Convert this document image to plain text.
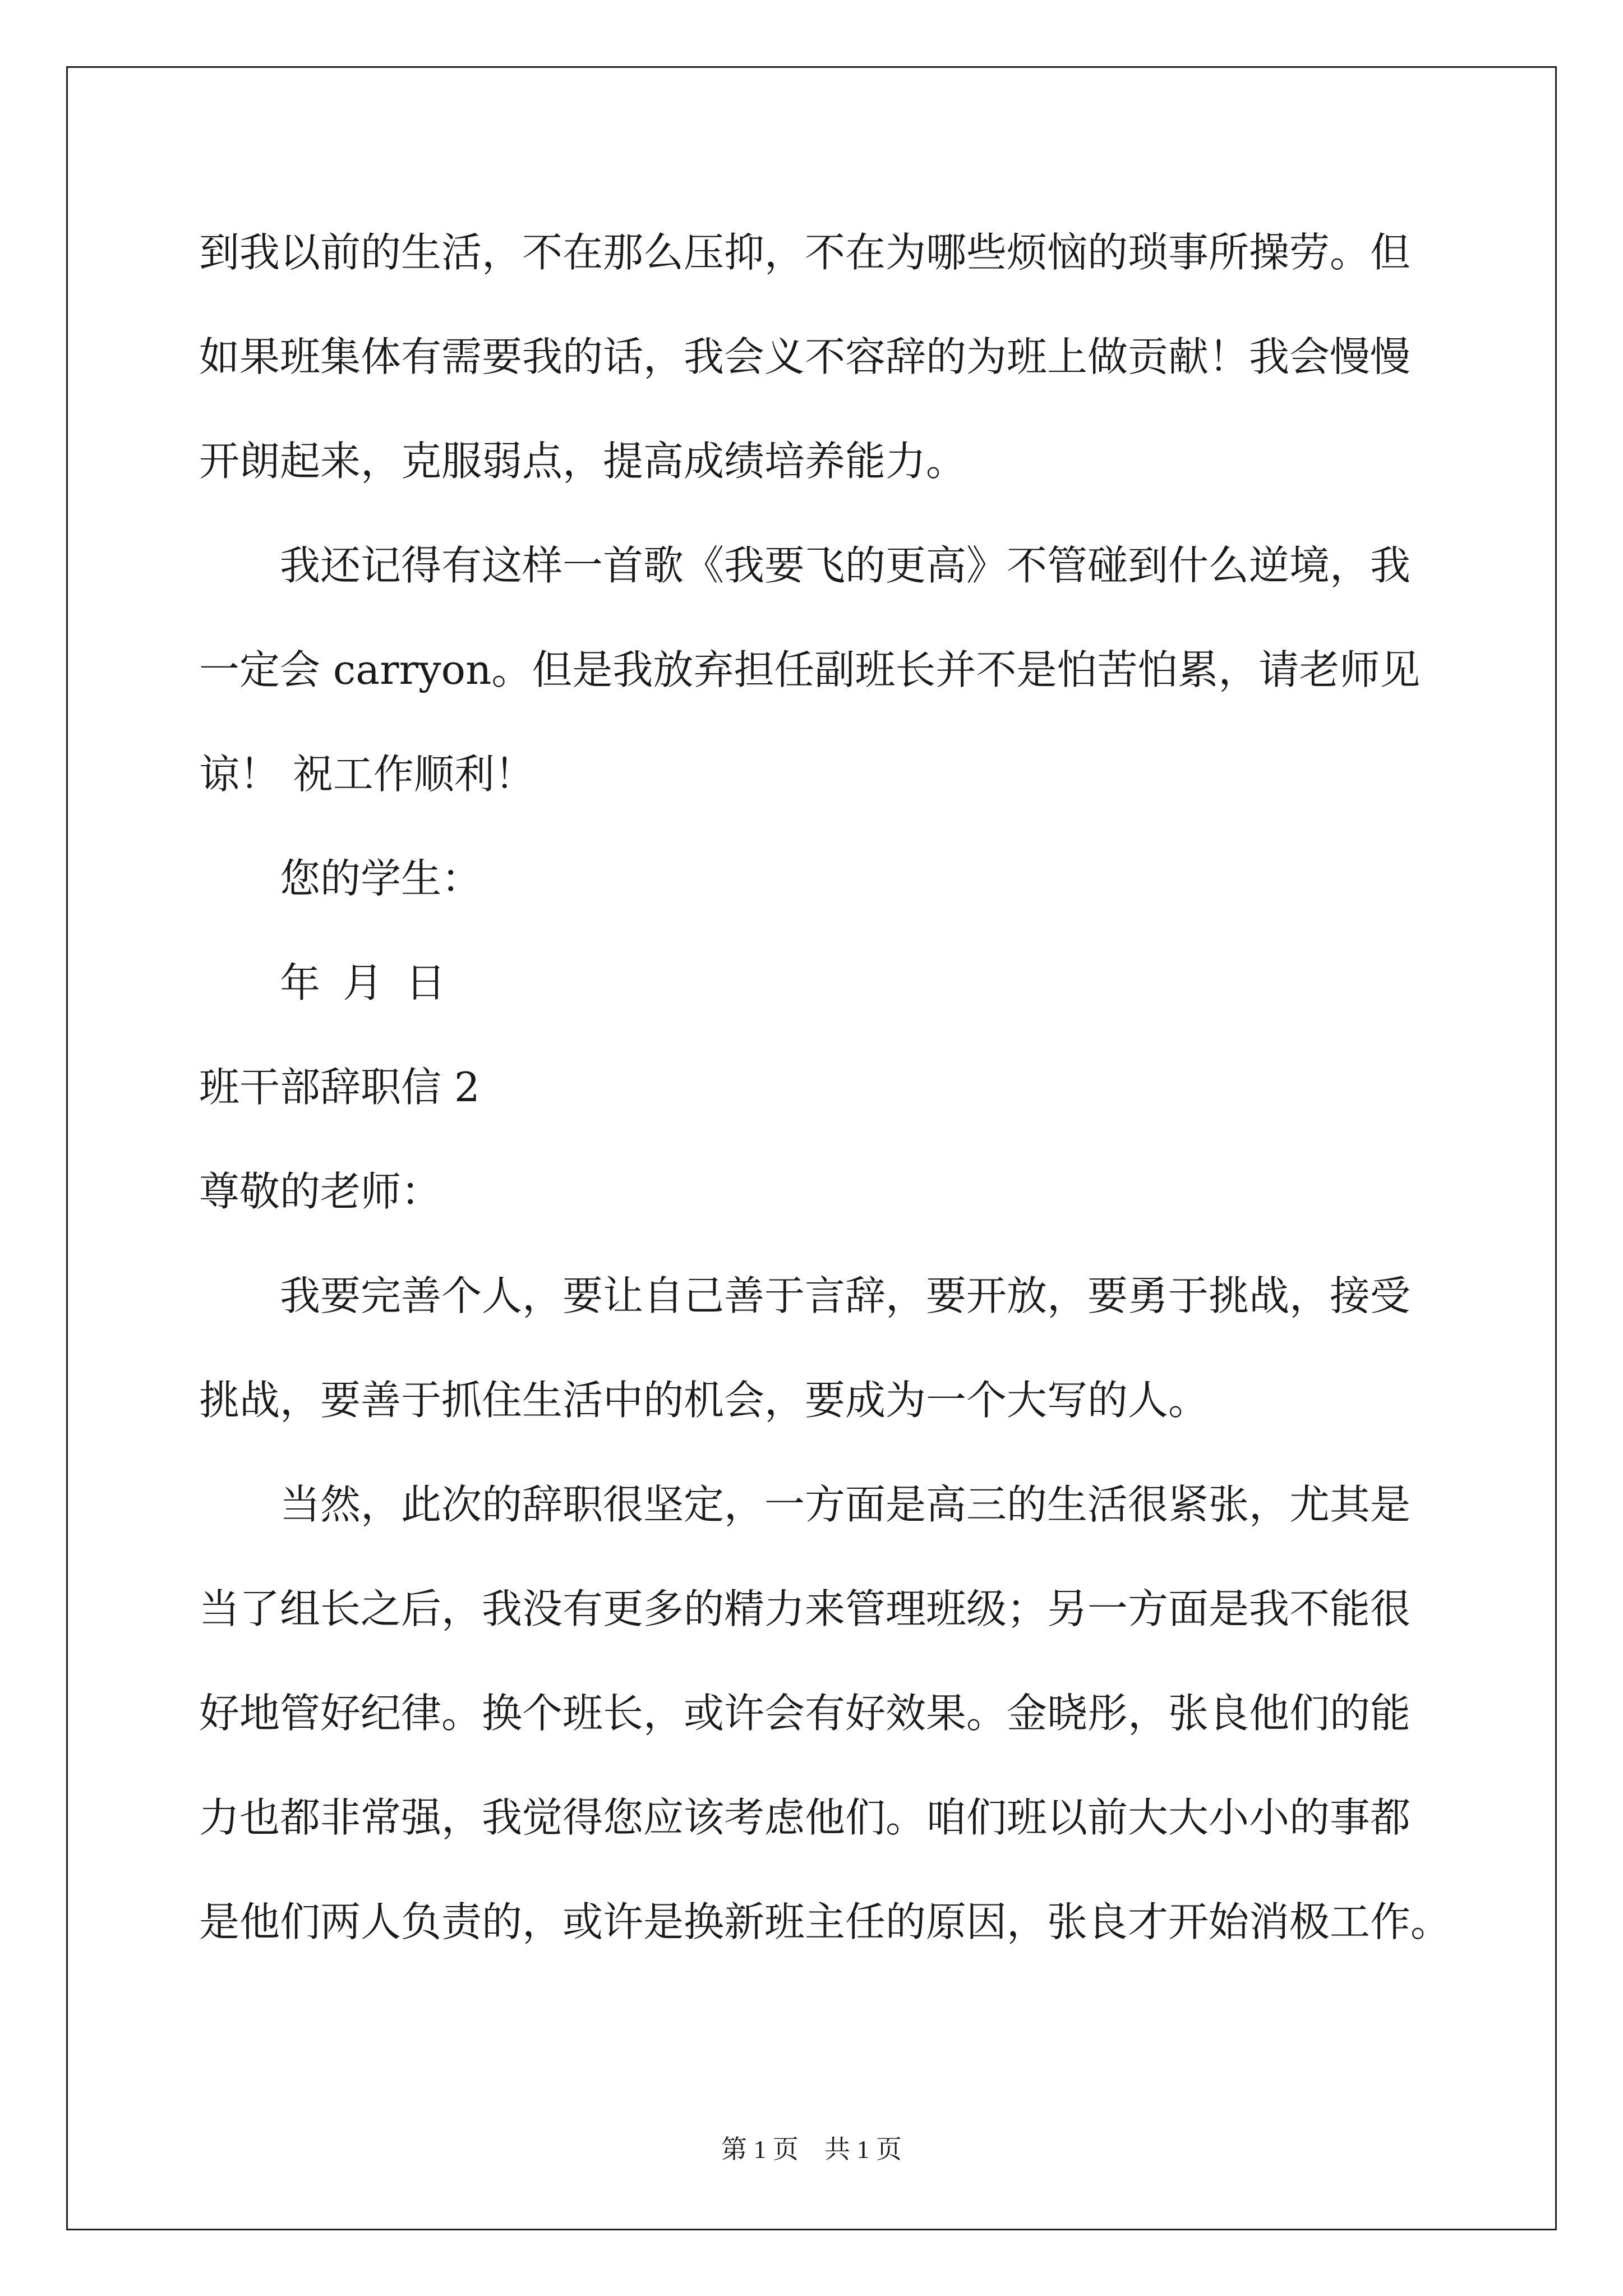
到我以前的生活，不在那么压抑，不在为哪些烦恼的琐事所操劳。但
如果班集体有需要我的话，我会义不容辞的为班上做贡献！我会慢慢
开朗起来，克服弱点，提高成绩培养能力。
我还记得有这样一首歌《我要飞的更高》不管碰到什么逆境，我
一定会 carryon。但是我放弃担任副班长并不是怕苦怕累，请老师见
谅！ 祝工作顺利！
您的学生：
年 月 日
班干部辞职信 2
尊敬的老师：
我要完善个人，要让自己善于言辞，要开放，要勇于挑战，接受
挑战，要善于抓住生活中的机会，要成为一个大写的人。
当然，此次的辞职很坚定，一方面是高三的生活很紧张，尤其是
当了组长之后，我没有更多的精力来管理班级；另一方面是我不能很
好地管好纪律。换个班长，或许会有好效果。金晓彤，张良他们的能
力也都非常强，我觉得您应该考虑他们。咱们班以前大大小小的事都
是他们两人负责的，或许是换新班主任的原因，张良才开始消极工作。
第 1 页 共 1 页
